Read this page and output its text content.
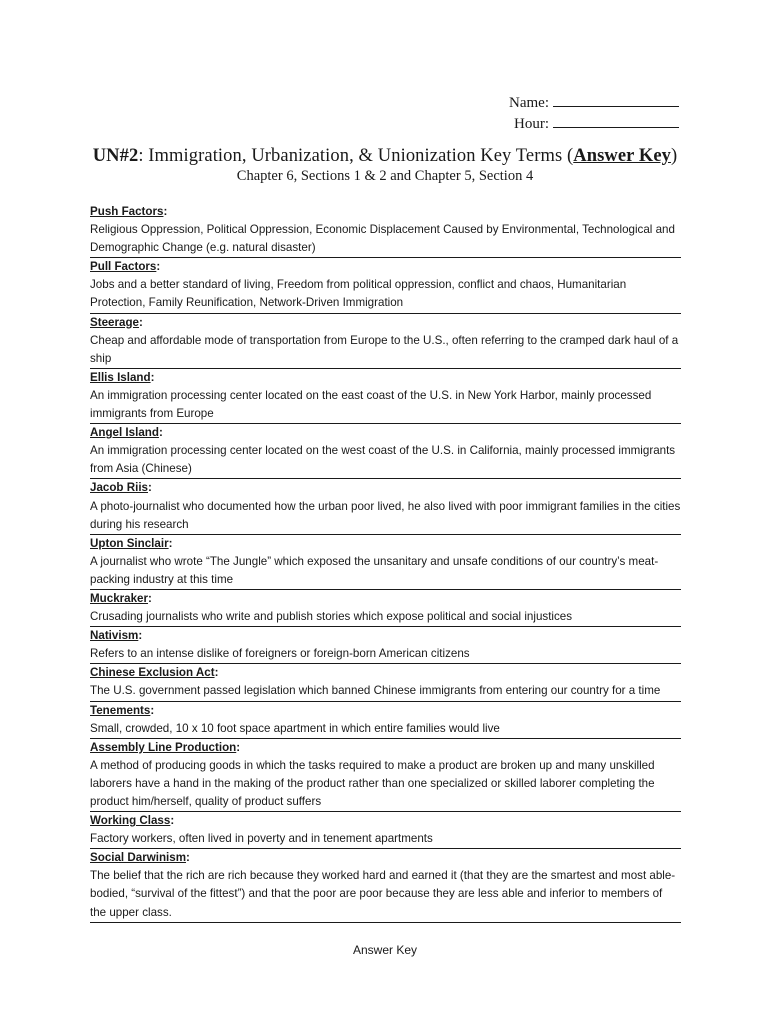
Name:
Hour:
UN#2: Immigration, Urbanization, & Unionization Key Terms (Answer Key)
Chapter 6, Sections 1 & 2 and Chapter 5, Section 4
Push Factors:
Religious Oppression, Political Oppression, Economic Displacement Caused by Environmental, Technological and Demographic Change (e.g. natural disaster)
Pull Factors:
Jobs and a better standard of living, Freedom from political oppression, conflict and chaos, Humanitarian Protection, Family Reunification, Network-Driven Immigration
Steerage:
Cheap and affordable mode of transportation from Europe to the U.S., often referring to the cramped dark haul of a ship
Ellis Island:
An immigration processing center located on the east coast of the U.S. in New York Harbor, mainly processed immigrants from Europe
Angel Island:
An immigration processing center located on the west coast of the U.S. in California, mainly processed immigrants from Asia (Chinese)
Jacob Riis:
A photo-journalist who documented how the urban poor lived, he also lived with poor immigrant families in the cities during his research
Upton Sinclair:
A journalist who wrote “The Jungle” which exposed the unsanitary and unsafe conditions of our country’s meat-packing industry at this time
Muckraker:
Crusading journalists who write and publish stories which expose political and social injustices
Nativism:
Refers to an intense dislike of foreigners or foreign-born American citizens
Chinese Exclusion Act:
The U.S. government passed legislation which banned Chinese immigrants from entering our country for a time
Tenements:
Small, crowded, 10 x 10 foot space apartment in which entire families would live
Assembly Line Production:
A method of producing goods in which the tasks required to make a product are broken up and many unskilled laborers have a hand in the making of the product rather than one specialized or skilled laborer completing the product him/herself, quality of product suffers
Working Class:
Factory workers, often lived in poverty and in tenement apartments
Social Darwinism:
The belief that the rich are rich because they worked hard and earned it (that they are the smartest and most able-bodied, “survival of the fittest”) and that the poor are poor because they are less able and inferior to members of the upper class.
Answer Key
